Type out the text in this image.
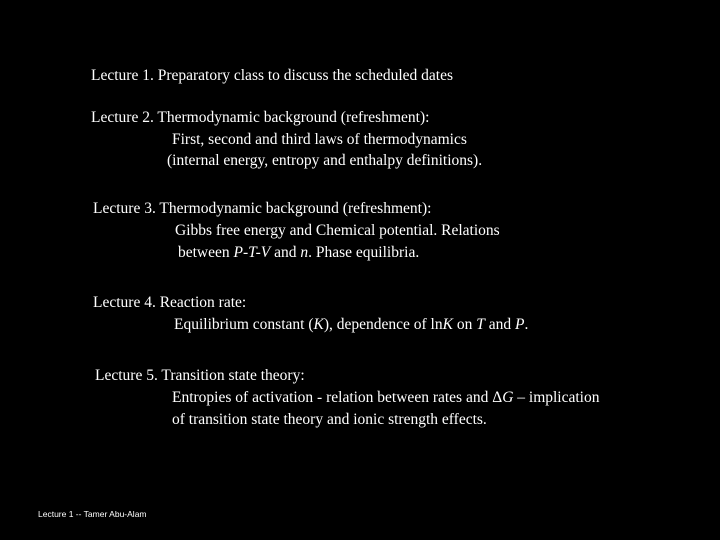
Lecture 1. Preparatory class to discuss the scheduled dates
Lecture 2. Thermodynamic background (refreshment):
First, second and third laws of thermodynamics
(internal energy, entropy and enthalpy definitions).
Lecture 3. Thermodynamic background (refreshment):
Gibbs free energy and Chemical potential. Relations
between P-T-V and n. Phase equilibria.
Lecture 4. Reaction rate:
Equilibrium constant (K), dependence of lnK on T and P.
Lecture 5. Transition state theory:
Entropies of activation - relation between rates and ΔG – implication
of transition state theory and ionic strength effects.
Lecture 1 -- Tamer Abu-Alam
